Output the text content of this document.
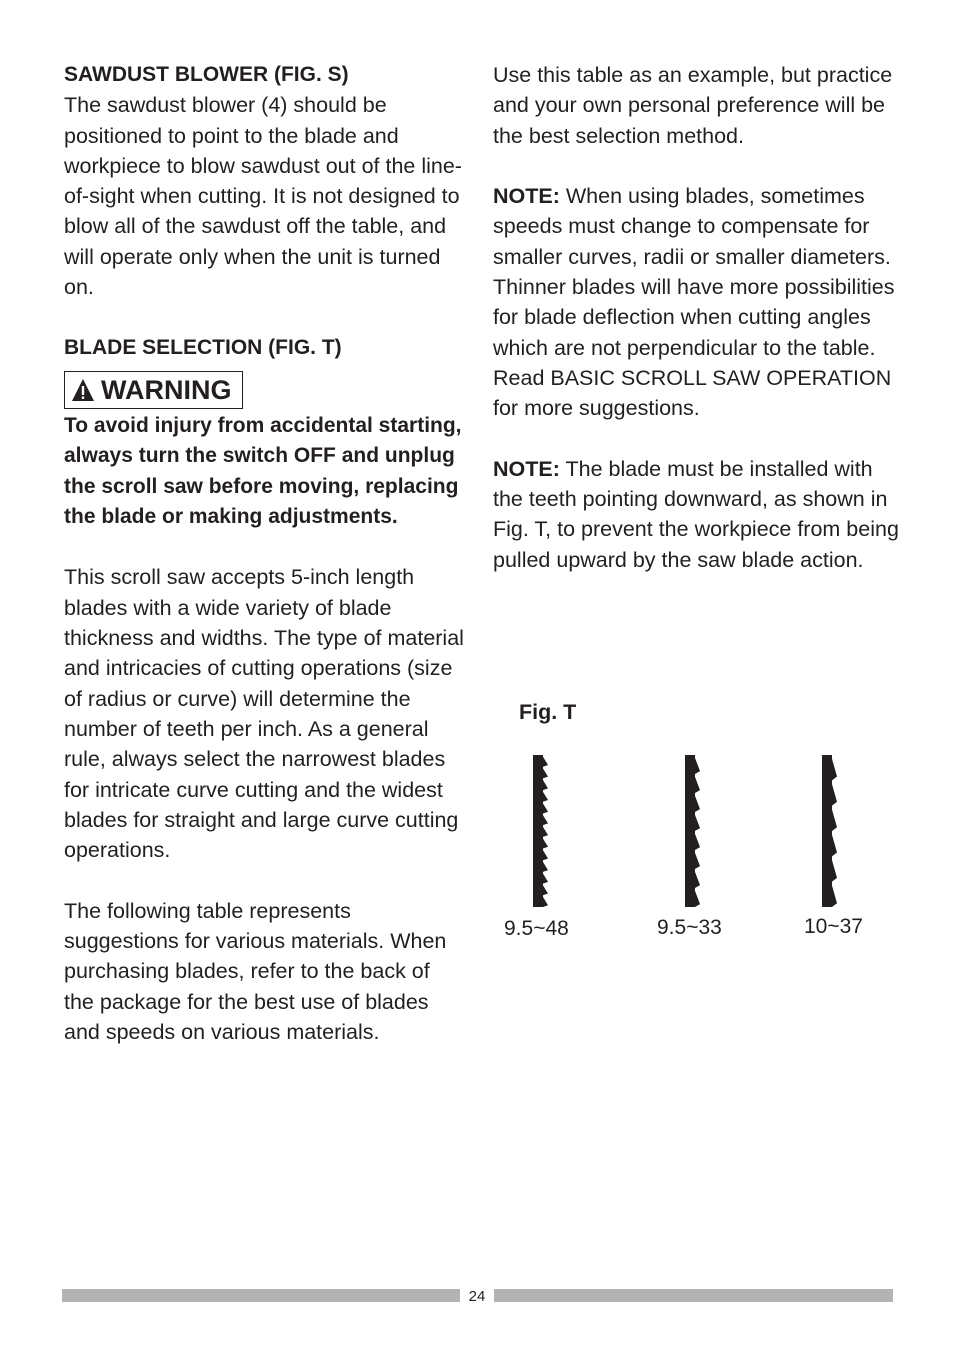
SAWDUST BLOWER (FIG. S)

The sawdust blower (4) should be positioned to point to the blade and workpiece to blow sawdust out of the line-of-sight when cutting. It is not designed to blow all of the sawdust off the table, and will operate only when the unit is turned on.

BLADE SELECTION (FIG. T)

WARNING

To avoid injury from accidental starting, always turn the switch OFF and unplug the scroll saw before moving, replacing the blade or making adjustments.

This scroll saw accepts 5-inch length blades with a wide variety of blade thickness and widths. The type of material and intricacies of cutting operations (size of radius or curve) will determine the number of teeth per inch. As a general rule, always select the narrowest blades for intricate curve cutting and the widest blades for straight and large curve cutting operations.

The following table represents suggestions for various materials. When purchasing blades, refer to the back of the package for the best use of blades and speeds on various materials.

Use this table as an example, but practice and your own personal preference will be the best selection method.

NOTE: When using blades, sometimes speeds must change to compensate for smaller curves, radii or smaller diameters. Thinner blades will have more possibilities for blade deflection when cutting angles which are not perpendicular to the table. Read BASIC SCROLL SAW OPERATION for more suggestions.

NOTE: The blade must be installed with the teeth pointing downward, as shown in Fig. T, to prevent the workpiece from being pulled upward by the saw blade action.

Fig. T
9.5~48	9.5~33	10~37
24
